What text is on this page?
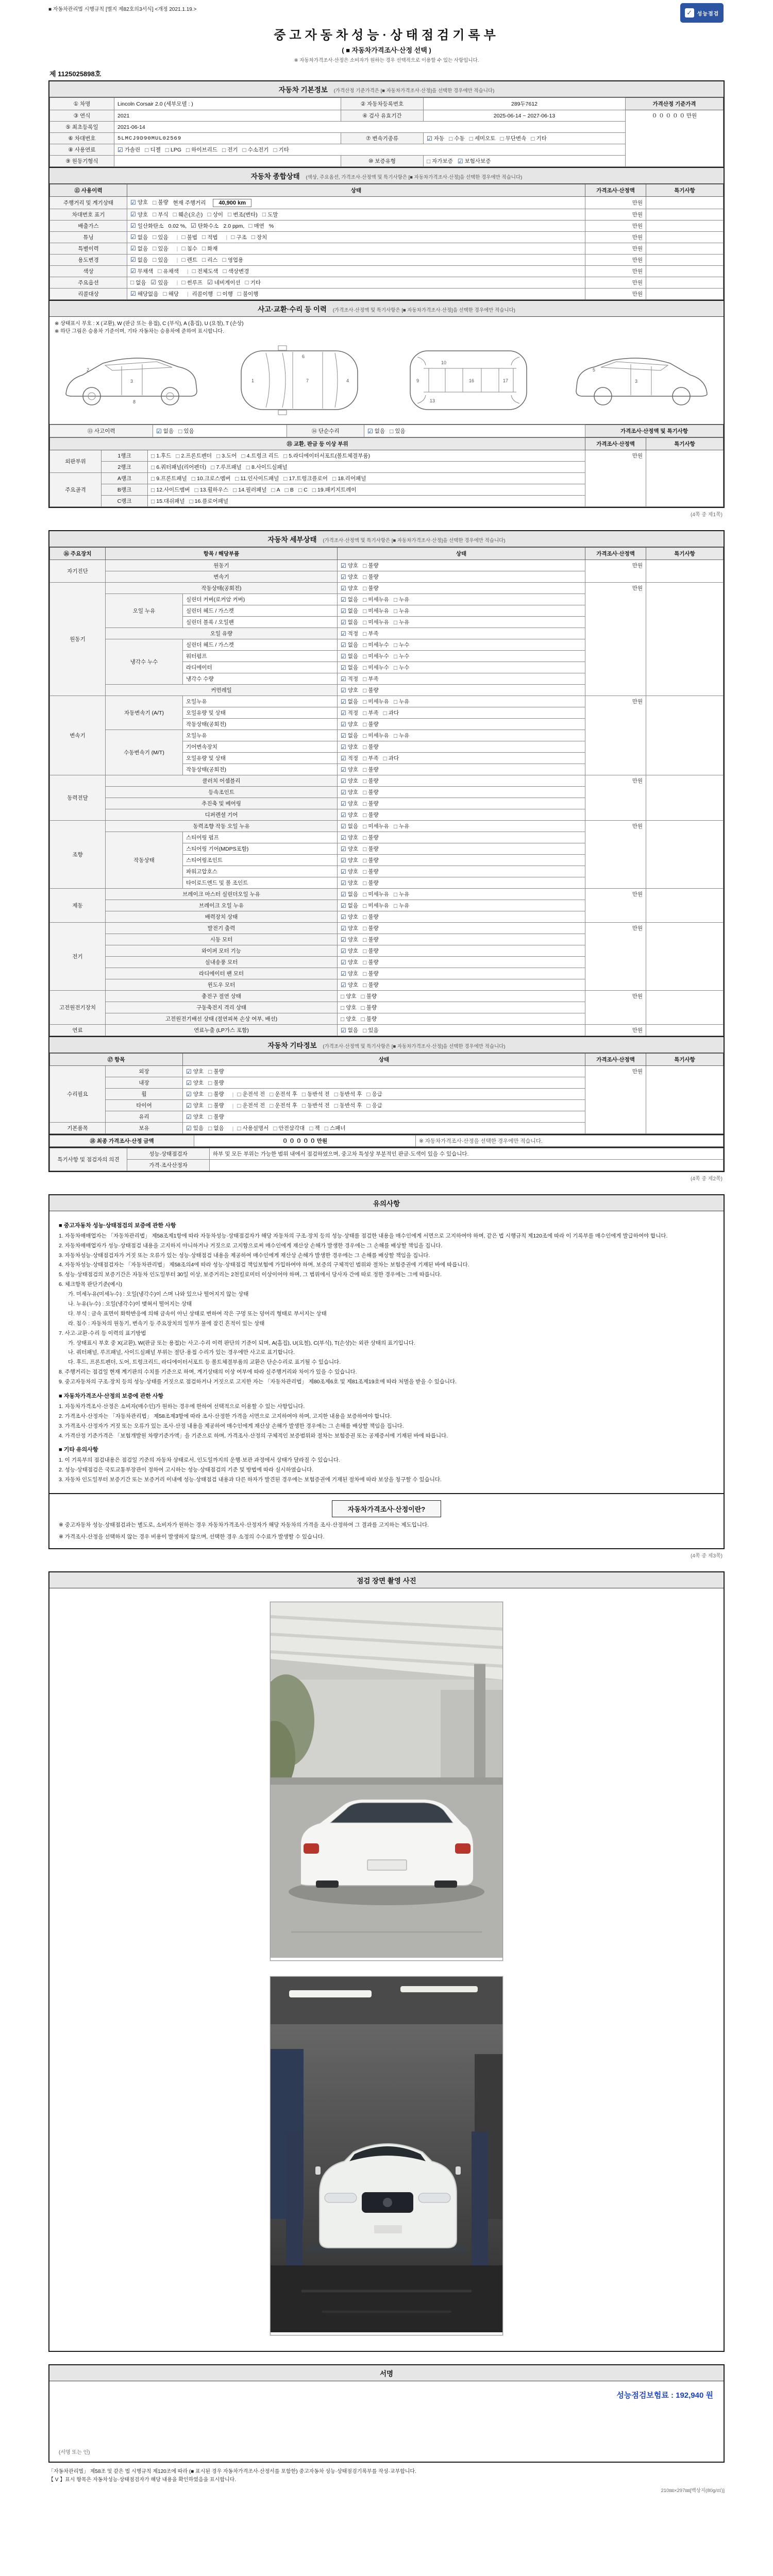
■ 자동차관리법 시행규칙 [별지 제82호의3서식] <개정 2021.1.19.>	✓ 성능점검
중고자동차성능·상태점검기록부
( ■ 자동차가격조사·산정 선택 )
※ 자동차가격조사·산정은 소비자가 원하는 경우 선택적으로 이용할 수 있는 사항입니다.
제 1125025898호
자동차 기본정보 (가격산정 기준가격은 [■ 자동차가격조사·산정]을 선택한 경우에만 적습니다)
① 차명	Lincoln Corsair 2.0 (세부모델 : )	② 자동차등록번호	289두7612	가격산정 기준가격
③ 연식	2021	④ 검사 유효기간	2025-06-14 ~ 2027-06-13	０ ０ ０ ０ ０ 만원
⑤ 최초등록일	2021-06-14			
⑥ 차대번호	5LMCJ9D90MUL02569	⑦ 변속기종류	☑ 자동 □ 수동 □ 세미오토 □ 무단변속 □ 기타

⑧ 사용연료	☑ 가솔린 □ 디젤 □ LPG □ 하이브리드 □ 전기 □ 수소전기 □ 기타

⑨ 원동기형식		⑩ 보증유형	□ 자가보증 ☑ 보험사보증	
자동차 종합상태 (색상, 주요옵션, 가격조사·산정액 및 특기사항은 [■ 자동차가격조사·산정]을 선택한 경우에만 적습니다)
⑪ 사용이력	상태	가격조사·산정액	특기사항
주행거리 및 계기상태	☑ 양호 □ 불량 현재 주행거리 40,900 km	만원	
차대번호 표기	☑ 양호 □ 부식 □ 훼손(오손) □ 상이 □ 변조(변타) □ 도말	만원	
배출가스	☑ 일산화탄소 0.02 %, ☑ 탄화수소 2.0 ppm, □ 매연 %	만원	
튜닝	☑ 없음 □ 있음 | □ 불법 □ 적법 | □ 구조 □ 장치	만원	
특별이력	☑ 없음 □ 있음 | □ 침수 □ 화재	만원	
용도변경	☑ 없음 □ 있음 | □ 렌트 □ 리스 □ 영업용	만원	
색상	☑ 무채색 □ 유채색 | □ 전체도색 □ 색상변경	만원	
주요옵션	□ 없음 ☑ 있음 | □ 썬루프 ☑ 네비게이션 □ 기타	만원	
리콜대상	☑ 해당없음 □ 해당 | 리콜이행 □ 이행 □ 불이행	만원	
사고·교환·수리 등 이력 (가격조사·산정액 및 특기사항은 [■ 자동차가격조사·산정]을 선택한 경우에만 적습니다)
※ 상태표시 부호 : X (교환), W (판금 또는 용접), C (부식), A (흠집), U (요철), T (손상)
※ 하단 그림은 승용차 기준이며, 기타 자동차는 승용차에 준하여 표시합니다.
2
3
8
1	7	4
6
9
10
16	17
13
3
5
⑬ 사고이력	☑ 없음 □ 있음	⑭ 단순수리	☑ 없음 □ 있음	가격조사·산정액 및 특기사항
⑮ 교환, 판금 등 이상 부위			가격조사·산정액	특기사항
외판부위	1랭크	□ 1.후드 □ 2.프론트펜더 □ 3.도어 □ 4.트렁크 리드 □ 5.라디에이터서포트(볼트체결부품)	만원	
2랭크	□ 6.쿼터패널(리어펜더) □ 7.루프패널 □ 8.사이드실패널

주요골격	A랭크	□ 9.프론트패널 □ 10.크로스멤버 □ 11.인사이드패널 □ 17.트렁크플로어 □ 18.리어패널

B랭크	□ 12.사이드멤버 □ 13.휠하우스 □ 14.필러패널 □ A □ B □ C □ 19.패키지트레이

	C랭크	□ 15.대쉬패널 □ 16.플로어패널		
(4쪽 중 제1쪽)
자동차 세부상태 (가격조사·산정액 및 특기사항은 [■ 자동차가격조사·산정]을 선택한 경우에만 적습니다)
⑯ 주요장치	항목 / 해당부품		상태	가격조사·산정액	특기사항
자기진단	원동기		☑ 양호 □ 불량	만원	
	변속기		☑ 양호 □ 불량		

원동기	작동상태(공회전)		☑ 양호 □ 불량	만원	
오일 누유	실린더 커버(로커암 커버)	☑ 없음 □ 미세누유 □ 누유

실린더 헤드 / 가스켓	☑ 없음 □ 미세누유 □ 누유

실린더 블록 / 오일팬	☑ 없음 □ 미세누유 □ 누유

	오일 유량		☑ 적정 □ 부족		

냉각수 누수	실린더 헤드 / 가스켓	☑ 없음 □ 미세누수 □ 누수

워터펌프	☑ 없음 □ 미세누수 □ 누수

라디에이터	☑ 없음 □ 미세누수 □ 누수

		냉각수 수량	☑ 적정 □ 부족		

	커먼레일		☑ 양호 □ 불량		

변속기	자동변속기 (A/T)	오일누유	☑ 없음 □ 미세누유 □ 누유	만원	
오일유량 및 상태	☑ 적정 □ 부족 □ 과다

		작동상태(공회전)	☑ 양호 □ 불량		

수동변속기 (M/T)	오일누유	☑ 없음 □ 미세누유 □ 누유

		기어변속장치	☑ 양호 □ 불량		

오일유량 및 상태	☑ 적정 □ 부족 □ 과다

		작동상태(공회전)	☑ 양호 □ 불량		

동력전달	클러치 어셈블리		☑ 양호 □ 불량	만원	
	등속조인트		☑ 양호 □ 불량		

	추진축 및 베어링		☑ 양호 □ 불량		

	디퍼렌셜 기어		☑ 양호 □ 불량		

조향	동력조향 작동 오일 누유	☑ 없음 □ 미세누유 □ 누유	만원	
	작동상태	스티어링 펌프	☑ 양호 □ 불량		

		스티어링 기어(MDPS포함)	☑ 양호 □ 불량		

		스티어링조인트	☑ 양호 □ 불량		

		파워고압호스	☑ 양호 □ 불량		

		타이로드엔드 및 볼 조인트	☑ 양호 □ 불량		

제동	브레이크 마스터 실린더오일 누유	☑ 없음 □ 미세누유 □ 누유	만원	
브레이크 오일 누유	☑ 없음 □ 미세누유 □ 누유

	배력장치 상태		☑ 양호 □ 불량		

전기	발전기 출력		☑ 양호 □ 불량	만원	
	시동 모터		☑ 양호 □ 불량		

	와이퍼 모터 기능		☑ 양호 □ 불량		

	실내송풍 모터		☑ 양호 □ 불량		

	라디에이터 팬 모터		☑ 양호 □ 불량		

	윈도우 모터		☑ 양호 □ 불량		

고전원전기장치	충전구 절연 상태		□ 양호 □ 불량	만원	
	구동축전지 격리 상태		□ 양호 □ 불량		

	고전원전기배선 상태 (절연피복 손상 여부, 배선)		□ 양호 □ 불량		

연료	연료누출 (LP가스 포함)		☑ 없음 □ 있음	만원	
자동차 기타정보 (가격조사·산정액 및 특기사항은 [■ 자동차가격조사·산정]을 선택한 경우에만 적습니다)
⑰ 항목		상태	가격조사·산정액	특기사항
수리필요	외장	☑ 양호 □ 불량	만원	
	내장	☑ 양호 □ 불량		

휠	☑ 양호 □ 불량 | □ 운전석 전 □ 운전석 후 □ 동반석 전 □ 동반석 후 □ 응급

타이어	☑ 양호 □ 불량 | □ 운전석 전 □ 운전석 후 □ 동반석 전 □ 동반석 후 □ 응급

	유리	☑ 양호 □ 불량		

기본품목	보유	☑ 있음 □ 없음 | □ 사용설명서 □ 안전삼각대 □ 잭 □ 스패너
⑱ 최종 가격조사·산정 금액	０ ０ ０ ０ ０ 만원	※ 자동차가격조사·산정을 선택한 경우에만 적습니다.
특기사항 및 점검자의 의견	성능·상태점검자	하부 및 모든 부위는 가능한 범위 내에서 점검하였으며, 중고차 특성상 부분적인 판금·도색이 있을 수 있습니다.
	가격·조사산정자	
(4쪽 중 제2쪽)
유의사항
■ 중고자동차 성능·상태점검의 보증에 관한 사항
1. 자동차매매업자는 「자동차관리법」 제58조제1항에 따라 자동차성능·상태점검자가 해당 자동차의 구조·장치 등의 성능·상태를 점검한 내용을 매수인에게 서면으로 고지하여야 하며, 같은 법 시행규칙 제120조에 따라 이 기록부를 매수인에게 발급하여야 합니다.
2. 자동차매매업자가 성능·상태점검 내용을 고지하지 아니하거나 거짓으로 고지함으로써 매수인에게 재산상 손해가 발생한 경우에는 그 손해를 배상할 책임을 집니다.
3. 자동차성능·상태점검자가 거짓 또는 오류가 있는 성능·상태점검 내용을 제공하여 매수인에게 재산상 손해가 발생한 경우에는 그 손해를 배상할 책임을 집니다.
4. 자동차성능·상태점검자는 「자동차관리법」 제58조의4에 따라 성능·상태점검 책임보험에 가입하여야 하며, 보증의 구체적인 범위와 절차는 보험증권에 기재된 바에 따릅니다.
5. 성능·상태점검의 보증기간은 자동차 인도일부터 30일 이상, 보증거리는 2천킬로미터 이상이어야 하며, 그 범위에서 당사자 간에 따로 정한 경우에는 그에 따릅니다.
6. 체크항목 판단기준(예시)
가. 미세누유(미세누수) : 오일(냉각수)이 스며 나와 있으나 떨어지지 않는 상태
나. 누유(누수) : 오일(냉각수)이 맺혀서 떨어지는 상태
다. 부식 : 금속 표면이 화학반응에 의해 금속이 아닌 상태로 변하여 작은 구멍 또는 덩어리 형태로 부서지는 상태
라. 침수 : 자동차의 원동기, 변속기 등 주요장치의 일부가 물에 잠긴 흔적이 있는 상태
7. 사고·교환·수리 등 이력의 표기방법
가. 상태표시 부호 중 X(교환), W(판금 또는 용접)는 사고·수리 이력 판단의 기준이 되며, A(흠집), U(요철), C(부식), T(손상)는 외관 상태의 표기입니다.
나. 쿼터패널, 루프패널, 사이드실패널 부위는 절단·용접 수리가 있는 경우에만 사고로 표기합니다.
다. 후드, 프론트펜더, 도어, 트렁크리드, 라디에이터서포트 등 볼트체결부품의 교환은 단순수리로 표기될 수 있습니다.
8. 주행거리는 점검일 현재 계기판의 수치를 기준으로 하며, 계기상태의 이상 여부에 따라 실주행거리와 차이가 있을 수 있습니다.
9. 중고자동차의 구조·장치 등의 성능·상태를 거짓으로 점검하거나 거짓으로 고지한 자는 「자동차관리법」 제80조제6호 및 제81조제19호에 따라 처벌을 받을 수 있습니다.
■ 자동차가격조사·산정의 보증에 관한 사항
1. 자동차가격조사·산정은 소비자(매수인)가 원하는 경우에 한하여 선택적으로 이용할 수 있는 사항입니다.
2. 가격조사·산정자는 「자동차관리법」 제58조제3항에 따라 조사·산정한 가격을 서면으로 고지하여야 하며, 고지한 내용을 보증하여야 합니다.
3. 가격조사·산정자가 거짓 또는 오류가 있는 조사·산정 내용을 제공하여 매수인에게 재산상 손해가 발생한 경우에는 그 손해를 배상할 책임을 집니다.
4. 가격산정 기준가격은 「보험개발원 차량기준가액」을 기준으로 하며, 가격조사·산정의 구체적인 보증범위와 절차는 보험증권 또는 공제증서에 기재된 바에 따릅니다.
■ 기타 유의사항
1. 이 기록부의 점검내용은 점검일 기준의 자동차 상태로서, 인도일까지의 운행·보관 과정에서 상태가 달라질 수 있습니다.
2. 성능·상태점검은 국토교통부장관이 정하여 고시하는 성능·상태점검의 기준 및 방법에 따라 실시하였습니다.
3. 자동차 인도일부터 보증기간 또는 보증거리 이내에 성능·상태점검 내용과 다른 하자가 발견된 경우에는 보험증권에 기재된 절차에 따라 보상을 청구할 수 있습니다.
자동차가격조사·산정이란?
※ 중고자동차 성능·상태점검과는 별도로, 소비자가 원하는 경우 자동차가격조사·산정자가 해당 자동차의 가격을 조사·산정하여 그 결과를 고지하는 제도입니다.
※ 가격조사·산정을 선택하지 않는 경우 비용이 발생하지 않으며, 선택한 경우 소정의 수수료가 발생할 수 있습니다.
(4쪽 중 제3쪽)
점검 장면 촬영 사진
서명
성능점검보험료 : 192,940 원
(서명 또는 인)
「자동차관리법」 제58조 및 같은 법 시행규칙 제120조에 따라 (■ 표시된 경우 자동차가격조사·산정서를 포함한) 중고자동차 성능·상태점검기록부를 작성·교부합니다.
【 V 】표시 항목은 자동차성능·상태점검자가 해당 내용을 확인하였음을 표시합니다.
210㎜×297㎜[백상지(80g/㎡)]
